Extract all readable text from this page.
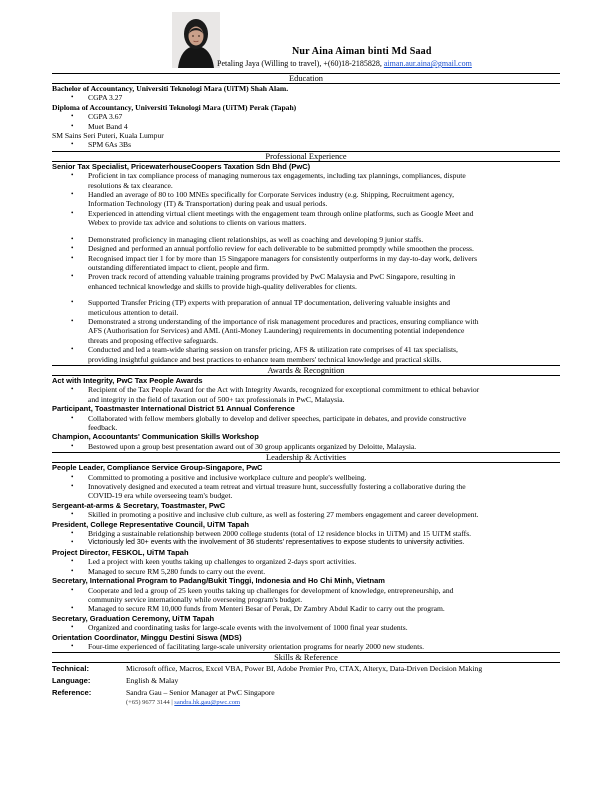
Nur Aina Aiman binti Md Saad
Petaling Jaya (Willing to travel), +(60)18-2185828, aiman.aur.aina@gmail.com
Education
Bachelor of Accountancy, Universiti Teknologi Mara (UiTM) Shah Alam.
• CGPA 3.27
Diploma of Accountancy, Universiti Teknologi Mara (UiTM) Perak (Tapah)
• CGPA 3.67
• Muet Band 4
SM Sains Seri Puteri, Kuala Lumpur
• SPM 6As 3Bs
Professional Experience
Senior Tax Specialist, PricewaterhouseCoopers Taxation Sdn Bhd (PwC)
• Proficient in tax compliance process of managing numerous tax engagements, including tax plannings, compliances, dispute
resolutions & tax clearance.
• Handled an average of 80 to 100 MNEs specifically for Corporate Services industry (e.g. Shipping, Recruitment agency,
Information Technology (IT) & Transportation) during peak and usual periods.
• Experienced in attending virtual client meetings with the engagement team through online platforms, such as Google Meet and
Webex to provide tax advice and solutions to clients on various matters.
• Demonstrated proficiency in managing client relationships, as well as coaching and developing 9 junior staffs.
• Designed and performed an annual portfolio review for each deliverable to be submitted promptly while smoothen the process.
• Recognised impact tier 1 for by more than 15 Singapore managers for consistently outperforms in my day-to-day work, delivers
outstanding differentiated impact to client, people and firm.
• Proven track record of attending valuable training programs provided by PwC Malaysia and PwC Singapore, resulting in
enhanced technical knowledge and skills to provide high-quality deliverables for clients.
• Supported Transfer Pricing (TP) experts with preparation of annual TP documentation, delivering valuable insights and
meticulous attention to detail.
• Demonstrated a strong understanding of the importance of risk management procedures and practices, ensuring compliance with
AFS (Authorisation for Services) and AML (Anti-Money Laundering) requirements in documenting potential independence
threats and proposing effective safeguards.
• Conducted and led a team-wide sharing session on transfer pricing, AFS & utilization rate comprises of 41 tax specialists,
providing insightful guidance and best practices to enhance team members' technical knowledge and practical skills.
Awards & Recognition
Act with Integrity, PwC Tax People Awards
• Recipient of the Tax People Award for the Act with Integrity Awards, recognized for exceptional commitment to ethical behavior
and integrity in the field of taxation out of 500+ tax professionals in PwC, Malaysia.
Participant, Toastmaster International District 51 Annual Conference
• Collaborated with fellow members globally to develop and deliver speeches, participate in debates, and provide constructive
feedback.
Champion, Accountants' Communication Skills Workshop
• Bestowed upon a group best presentation award out of 30 group applicants organized by Deloitte, Malaysia.
Leadership & Activities
People Leader, Compliance Service Group-Singapore, PwC
• Committed to promoting a positive and inclusive workplace culture and people's wellbeing.
• Innovatively designed and executed a team retreat and virtual treasure hunt, successfully fostering a collaborative during the
COVID-19 era while overseeing team's budget.
Sergeant-at-arms & Secretary, Toastmaster, PwC
• Skilled in promoting a positive and inclusive club culture, as well as fostering 27 members engagement and career development.
President, College Representative Council, UiTM Tapah
• Bridging a sustainable relationship between 2000 college students (total of 12 residence blocks in UiTM) and 15 UiTM staffs.
• Victoriously led 30+ events with the involvement of 36 students' representatives to expose students to university activities.
Project Director, FESKOL, UiTM Tapah
• Led a project with keen youths taking up challenges to organized 2-days sport activities.
• Managed to secure RM 5,280 funds to carry out the event.
Secretary, International Program to Padang/Bukit Tinggi, Indonesia and Ho Chi Minh, Vietnam
• Cooperate and led a group of 25 keen youths taking up challenges for development of knowledge, entrepreneurship, and
community service internationally while overseeing program's budget.
• Managed to secure RM 10,000 funds from Menteri Besar of Perak, Dr Zambry Abdul Kadir to carry out the program.
Secretary, Graduation Ceremony, UiTM Tapah
• Organized and coordinating tasks for large-scale events with the involvement of 1000 final year students.
Orientation Coordinator, Minggu Destini Siswa (MDS)
• Four-time experienced of facilitating large-scale university orientation programs for nearly 2000 new students.
Skills & Reference
Technical:	Microsoft office, Macros, Excel VBA, Power BI, Adobe Premier Pro, CTAX, Alteryx, Data-Driven Decision Making
Language:	English & Malay
Reference:	Sandra Gau – Senior Manager at PwC Singapore
(+65) 9677 3144 | sandra.hk.gau@pwc.com
